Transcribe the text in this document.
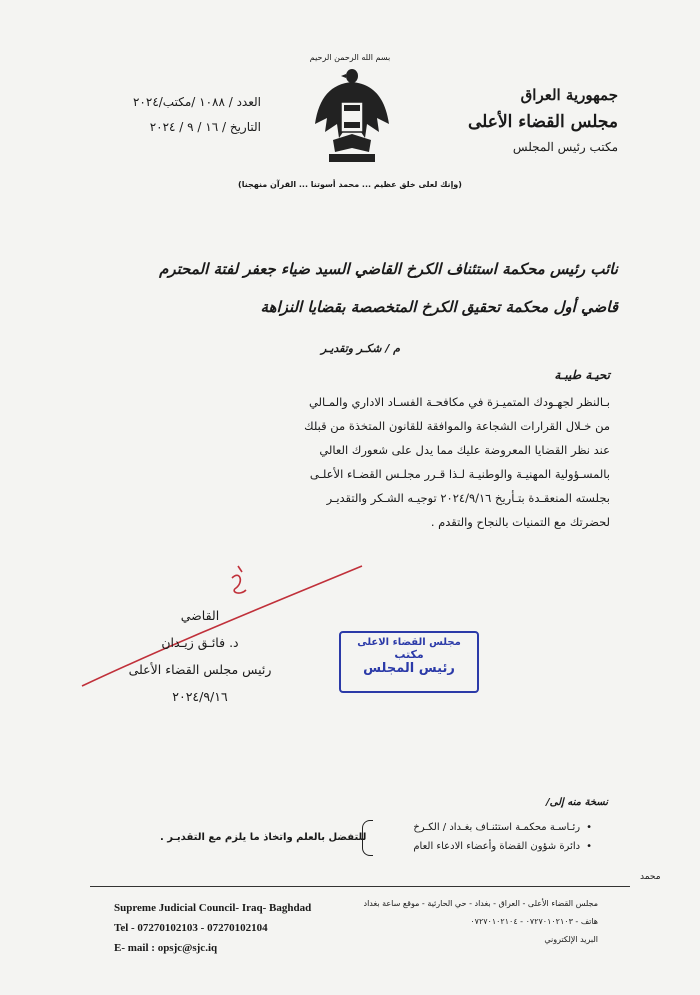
بسم الله الرحمن الرحيم
جمهورية العراق
مجلس القضاء الأعلى
مكتب رئيس المجلس
العدد / ١٠٨٨ /مكتب/٢٠٢٤
التاريخ / ١٦ / ٩ / ٢٠٢٤
(وإنك لعلى خلق عظيم ... محمد أسوتنا ... القرآن منهجنا)
نائب رئيس محكمة استئناف الكرخ القاضي السيد ضياء جعفر لفتة المحترم
قاضي أول محكمة تحقيق الكرخ المتخصصة بقضايا النزاهة
م / شكـر وتقديـر
تحيـة طيبـة
بـالنظر لجهـودك المتميـزة في مكافحـة الفسـاد الاداري والمـالي
من خـلال القرارات الشجاعة والموافقة للقانون المتخذة من قبلك
عند نظر القضايا المعروضة عليك مما يدل على شعورك العالي
بالمسـؤولية المهنيـة والوطنيـة لـذا قـرر مجلـس القضـاء الأعلـى
بجلسته المنعقـدة بتـأريخ ٢٠٢٤/٩/١٦ توجيـه الشـكر والتقديـر
لحضرتك مع التمنيات بالنجاح والتقدم .
القاضي
د. فائـق زيـدان
رئيس مجلس القضاء الأعلى
٢٠٢٤/٩/١٦
مجلس القضاء الاعلى
مكتب
رئيس المجلس
نسخة منه إلى/
•رئـاسـة محكمـة استئنـاف بغـداد / الكـرخ
•دائرة شؤون القضاة وأعضاء الادعاء العام
للتفضل بالعلم واتخاذ ما يلزم مع التقديـر .
محمد
Supreme Judicial Council- Iraq- Baghdad
Tel - 07270102103 - 07270102104
E- mail : opsjc@sjc.iq
مجلس القضاء الأعلى - العراق - بغداد - حي الحارثية - موقع ساعة بغداد
هاتف - ٠٧٢٧٠١٠٢١٠٣ - ٠٧٢٧٠١٠٢١٠٤
البريد الإلكتروني
